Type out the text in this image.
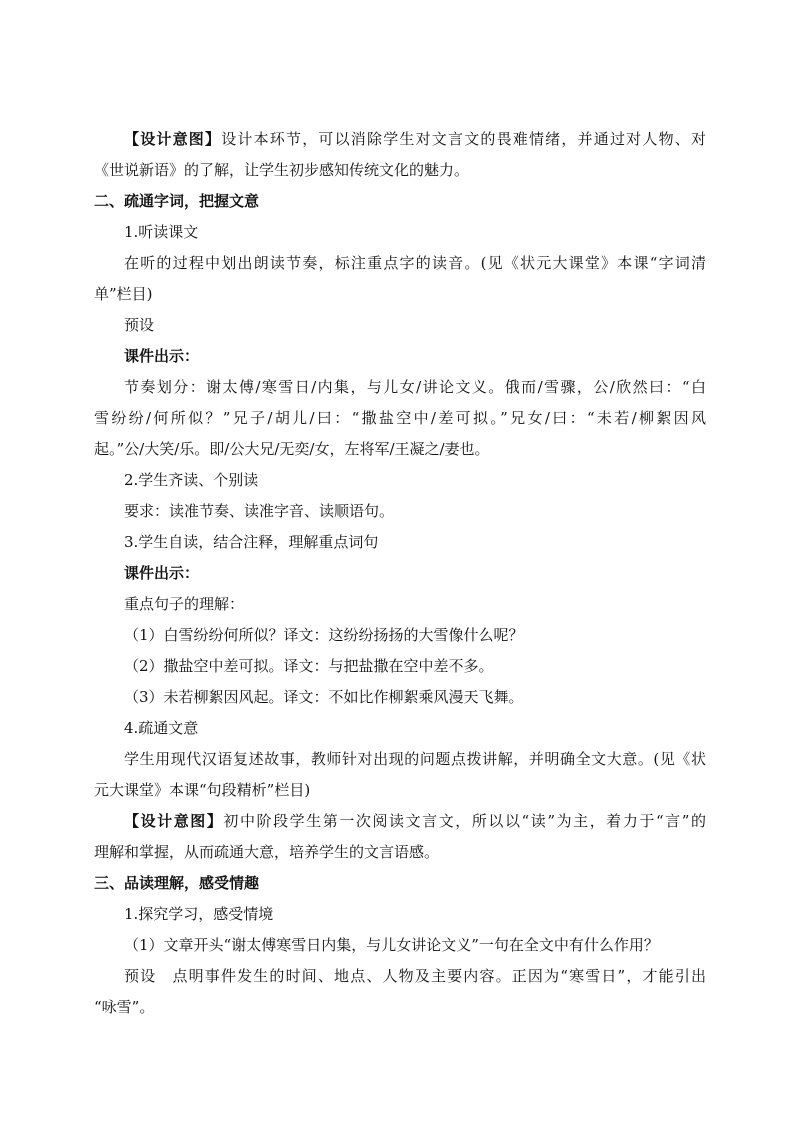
【设计意图】设计本环节，可以消除学生对文言文的畏难情绪，并通过对人物、对
《世说新语》的了解，让学生初步感知传统文化的魅力。
二、疏通字词，把握文意
1.听读课文
在听的过程中划出朗读节奏，标注重点字的读音。(见《状元大课堂》本课“字词清
单”栏目)
预设
课件出示：
节奏划分：谢太傅/寒雪日/内集，与儿女/讲论文义。俄而/雪骤，公/欣然曰：“白
雪纷纷/何所似？”兄子/胡儿/曰：“撒盐空中/差可拟。”兄女/曰：“未若/柳絮因风
起。”公/大笑/乐。即/公大兄/无奕/女，左将军/王凝之/妻也。
2.学生齐读、个别读
要求：读准节奏、读准字音、读顺语句。
3.学生自读，结合注释，理解重点词句
课件出示：
重点句子的理解：
（1）白雪纷纷何所似？译文：这纷纷扬扬的大雪像什么呢？
（2）撒盐空中差可拟。译文：与把盐撒在空中差不多。
（3）未若柳絮因风起。译文：不如比作柳絮乘风漫天飞舞。
4.疏通文意
学生用现代汉语复述故事，教师针对出现的问题点拨讲解，并明确全文大意。(见《状
元大课堂》本课“句段精析”栏目)
【设计意图】初中阶段学生第一次阅读文言文，所以以“读”为主，着力于“言”的
理解和掌握，从而疏通大意，培养学生的文言语感。
三、品读理解，感受情趣
1.探究学习，感受情境
（1）文章开头“谢太傅寒雪日内集，与儿女讲论文义”一句在全文中有什么作用？
预设　点明事件发生的时间、地点、人物及主要内容。正因为“寒雪日”，才能引出
“咏雪”。
